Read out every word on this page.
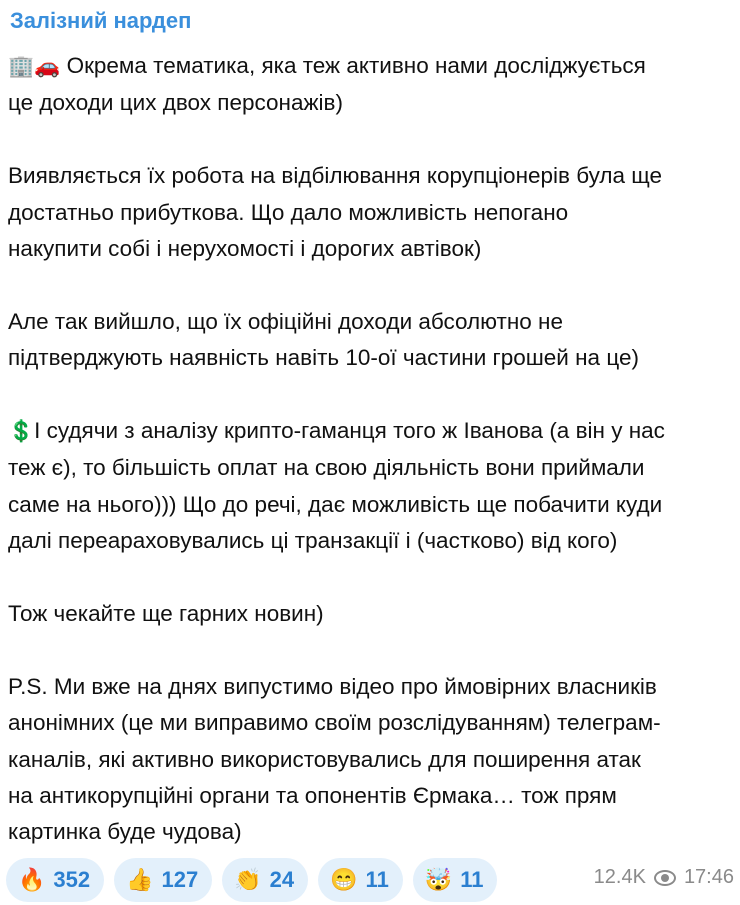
Залізний нардеп
🏢🚗 Окрема тематика, яка теж активно нами досліджується
це доходи цих двох персонажів)
Виявляється їх робота на відбілювання корупціонерів була ще
достатньо прибуткова. Що дало можливість непогано
накупити собі і нерухомості і дорогих автівок)
Але так вийшло, що їх офіційні доходи абсолютно не
підтверджують наявність навіть 10-ої частини грошей на це)
💲І судячи з аналізу крипто-гаманця того ж Іванова (а він у нас
теж є), то більшість оплат на свою діяльність вони приймали
саме на нього))) Що до речі, дає можливість ще побачити куди
далі переараховувались ці транзакції і (частково) від кого)
Тож чекайте ще гарних новин)
P.S. Ми вже на днях випустимо відео про ймовірних власників
анонімних (це ми виправимо своїм розслідуванням) телеграм-
каналів, які активно використовувались для поширення атак
на антикорупційні органи та опонентів Єрмака… тож прям
картинка буде чудова)
🔥 352 👍 127 👏 24 😁 11 🤯 11	12.4K 17:46
